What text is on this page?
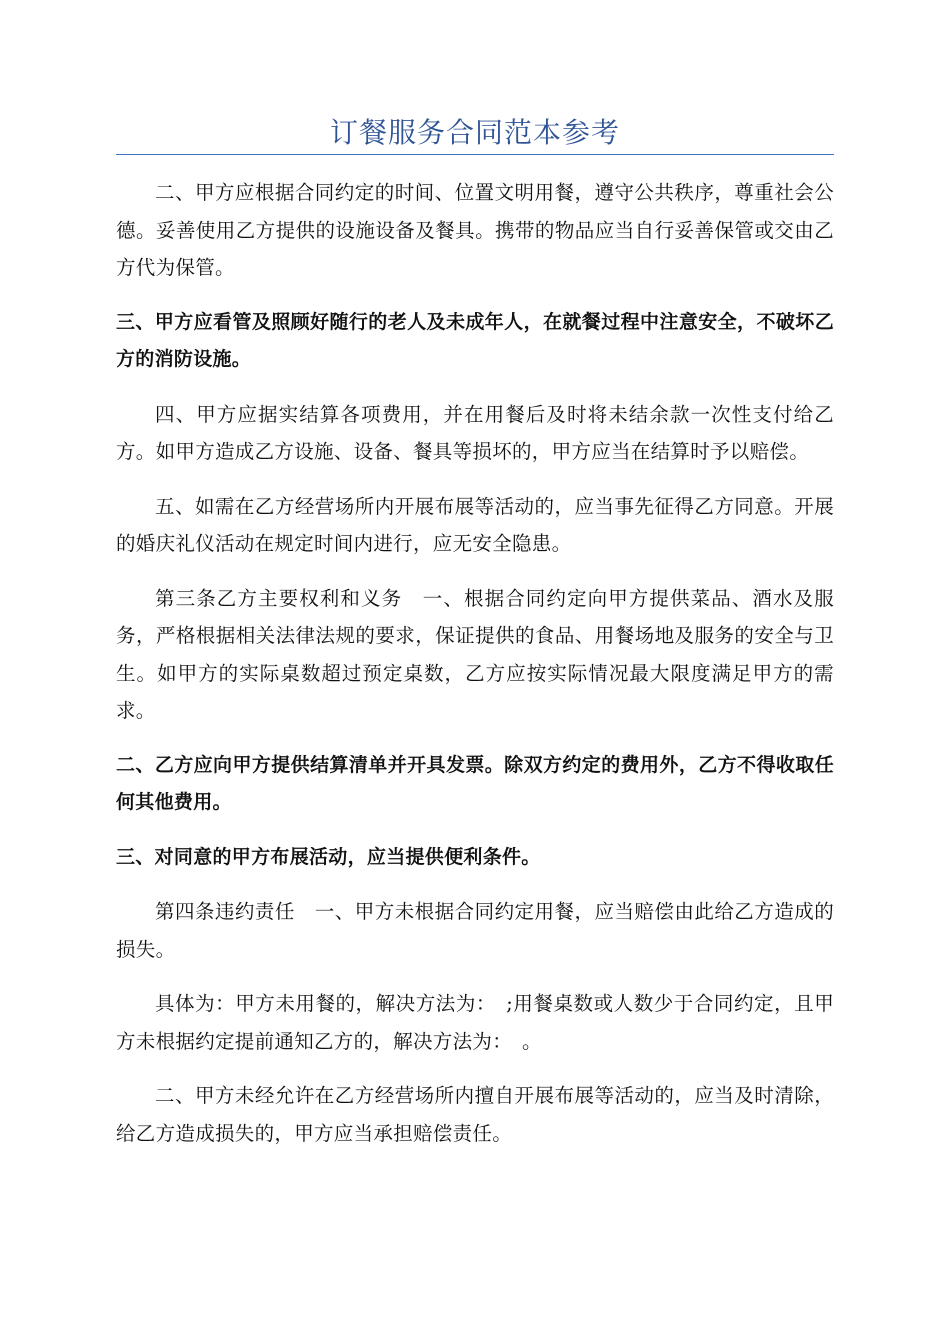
订餐服务合同范本参考

二、甲方应根据合同约定的时间、位置文明用餐，遵守公共秩序，尊重社会公德。妥善使用乙方提供的设施设备及餐具。携带的物品应当自行妥善保管或交由乙方代为保管。

三、甲方应看管及照顾好随行的老人及未成年人，在就餐过程中注意安全，不破坏乙方的消防设施。

四、甲方应据实结算各项费用，并在用餐后及时将未结余款一次性支付给乙方。如甲方造成乙方设施、设备、餐具等损坏的，甲方应当在结算时予以赔偿。

五、如需在乙方经营场所内开展布展等活动的，应当事先征得乙方同意。开展的婚庆礼仪活动在规定时间内进行，应无安全隐患。

第三条乙方主要权利和义务　一、根据合同约定向甲方提供菜品、酒水及服务，严格根据相关法律法规的要求，保证提供的食品、用餐场地及服务的安全与卫生。如甲方的实际桌数超过预定桌数，乙方应按实际情况最大限度满足甲方的需求。

二、乙方应向甲方提供结算清单并开具发票。除双方约定的费用外，乙方不得收取任何其他费用。

三、对同意的甲方布展活动，应当提供便利条件。

第四条违约责任　一、甲方未根据合同约定用餐，应当赔偿由此给乙方造成的损失。

具体为：甲方未用餐的，解决方法为：　;用餐桌数或人数少于合同约定，且甲方未根据约定提前通知乙方的，解决方法为：　。

二、甲方未经允许在乙方经营场所内擅自开展布展等活动的，应当及时清除，给乙方造成损失的，甲方应当承担赔偿责任。
